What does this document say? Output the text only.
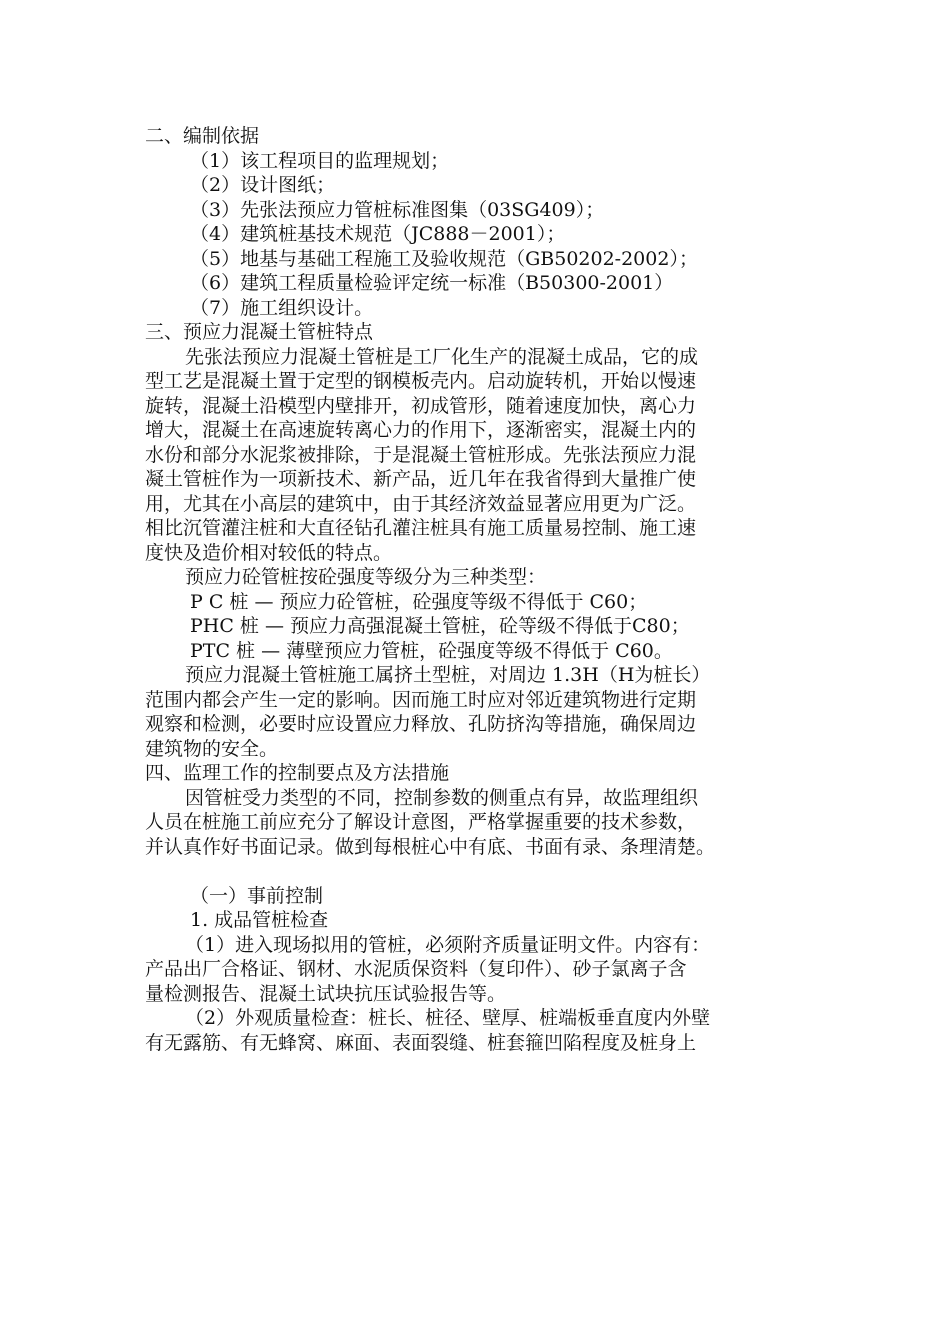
二、编制依据
（1）该工程项目的监理规划；
（2）设计图纸；
（3）先张法预应力管桩标准图集（03SG409）；
（4）建筑桩基技术规范（JC888－2001）；
（5）地基与基础工程施工及验收规范（GB50202-2002）；
（6）建筑工程质量检验评定统一标准（B50300-2001）
（7）施工组织设计。
三、预应力混凝土管桩特点
先张法预应力混凝土管桩是工厂化生产的混凝土成品，它的成
型工艺是混凝土置于定型的钢模板壳内。启动旋转机，开始以慢速
旋转，混凝土沿模型内壁排开，初成管形，随着速度加快，离心力
增大，混凝土在高速旋转离心力的作用下，逐渐密实，混凝土内的
水份和部分水泥浆被排除，于是混凝土管桩形成。先张法预应力混
凝土管桩作为一项新技术、新产品，近几年在我省得到大量推广使
用，尤其在小高层的建筑中，由于其经济效益显著应用更为广泛。
相比沉管灌注桩和大直径钻孔灌注桩具有施工质量易控制、施工速
度快及造价相对较低的特点。
预应力砼管桩按砼强度等级分为三种类型：
P C 桩 — 预应力砼管桩，砼强度等级不得低于 C60；
PHC 桩 — 预应力高强混凝土管桩，砼等级不得低于C80；
PTC 桩 — 薄壁预应力管桩，砼强度等级不得低于 C60。
预应力混凝土管桩施工属挤土型桩，对周边 1.3H（H为桩长）
范围内都会产生一定的影响。因而施工时应对邻近建筑物进行定期
观察和检测，必要时应设置应力释放、孔防挤沟等措施，确保周边
建筑物的安全。
四、监理工作的控制要点及方法措施
因管桩受力类型的不同，控制参数的侧重点有异，故监理组织
人员在桩施工前应充分了解设计意图，严格掌握重要的技术参数，
并认真作好书面记录。做到每根桩心中有底、书面有录、条理清楚。
（一）事前控制
1. 成品管桩检查
（1）进入现场拟用的管桩，必须附齐质量证明文件。内容有：
产品出厂合格证、钢材、水泥质保资料（复印件）、砂子氯离子含
量检测报告、混凝土试块抗压试验报告等。
（2）外观质量检查：桩长、桩径、壁厚、桩端板垂直度内外壁
有无露筋、有无蜂窝、麻面、表面裂缝、桩套箍凹陷程度及桩身上
